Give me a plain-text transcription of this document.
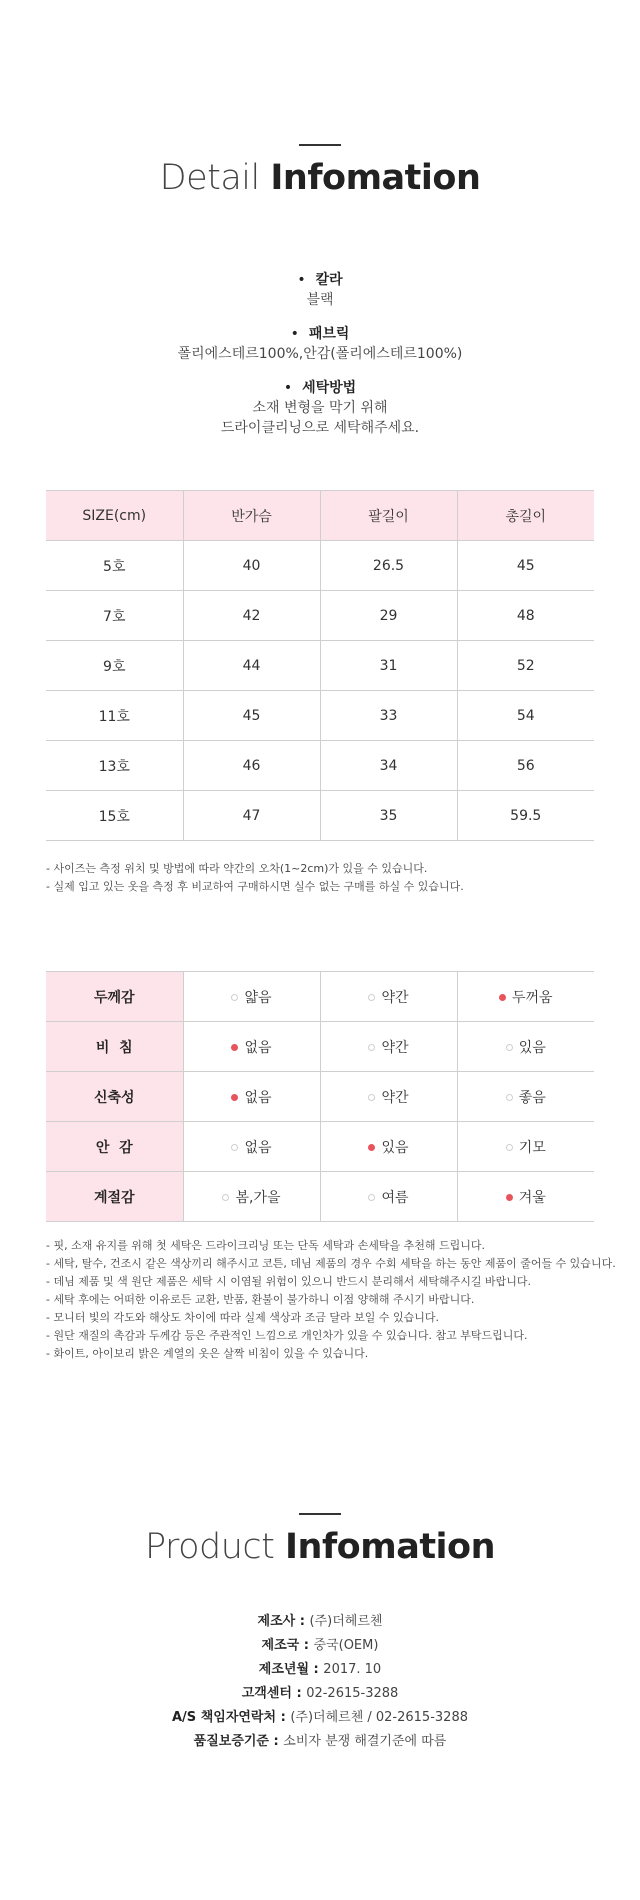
Detail Infomation
• 칼라
블랙
• 패브릭
폴리에스테르100%,안감(폴리에스테르100%)
• 세탁방법
소재 변형을 막기 위해
드라이클리닝으로 세탁해주세요.
SIZE(cm)	반가슴	팔길이	총길이
5호	40	26.5	45
7호	42	29	48
9호	44	31	52
11호	45	33	54
13호	46	34	56
15호	47	35	59.5
- 사이즈는 측정 위치 및 방법에 따라 약간의 오차(1~2cm)가 있을 수 있습니다.
- 실제 입고 있는 옷을 측정 후 비교하여 구매하시면 실수 없는 구매를 하실 수 있습니다.
두께감	얇음	약간	두꺼움
비  침	없음	약간	있음
신축성	없음	약간	좋음
안  감	없음	있음	기모
계절감	봄,가을	여름	겨울
- 핏, 소재 유지를 위해 첫 세탁은 드라이크리닝 또는 단독 세탁과 손세탁을 추천해 드립니다.
- 세탁, 탈수, 건조시 같은 색상끼리 해주시고 코튼, 데님 제품의 경우 수회 세탁을 하는 동안 제품이 줄어들 수 있습니다.
- 데님 제품 및 색 원단 제품은 세탁 시 이염될 위험이 있으니 반드시 분리해서 세탁해주시길 바랍니다.
- 세탁 후에는 어떠한 이유로든 교환, 반품, 환불이 불가하니 이점 양해해 주시기 바랍니다.
- 모니터 빛의 각도와 해상도 차이에 따라 실제 색상과 조금 달라 보일 수 있습니다.
- 원단 재질의 촉감과 두께감 등은 주관적인 느낌으로 개인차가 있을 수 있습니다. 참고 부탁드립니다.
- 화이트, 아이보리 밝은 계열의 옷은 살짝 비침이 있을 수 있습니다.
Product Infomation
제조사 : (주)더헤르첸
제조국 : 중국(OEM)
제조년월 : 2017. 10
고객센터 : 02-2615-3288
A/S 책임자연락처 : (주)더헤르첸 / 02-2615-3288
품질보증기준 : 소비자 분쟁 해결기준에 따름
